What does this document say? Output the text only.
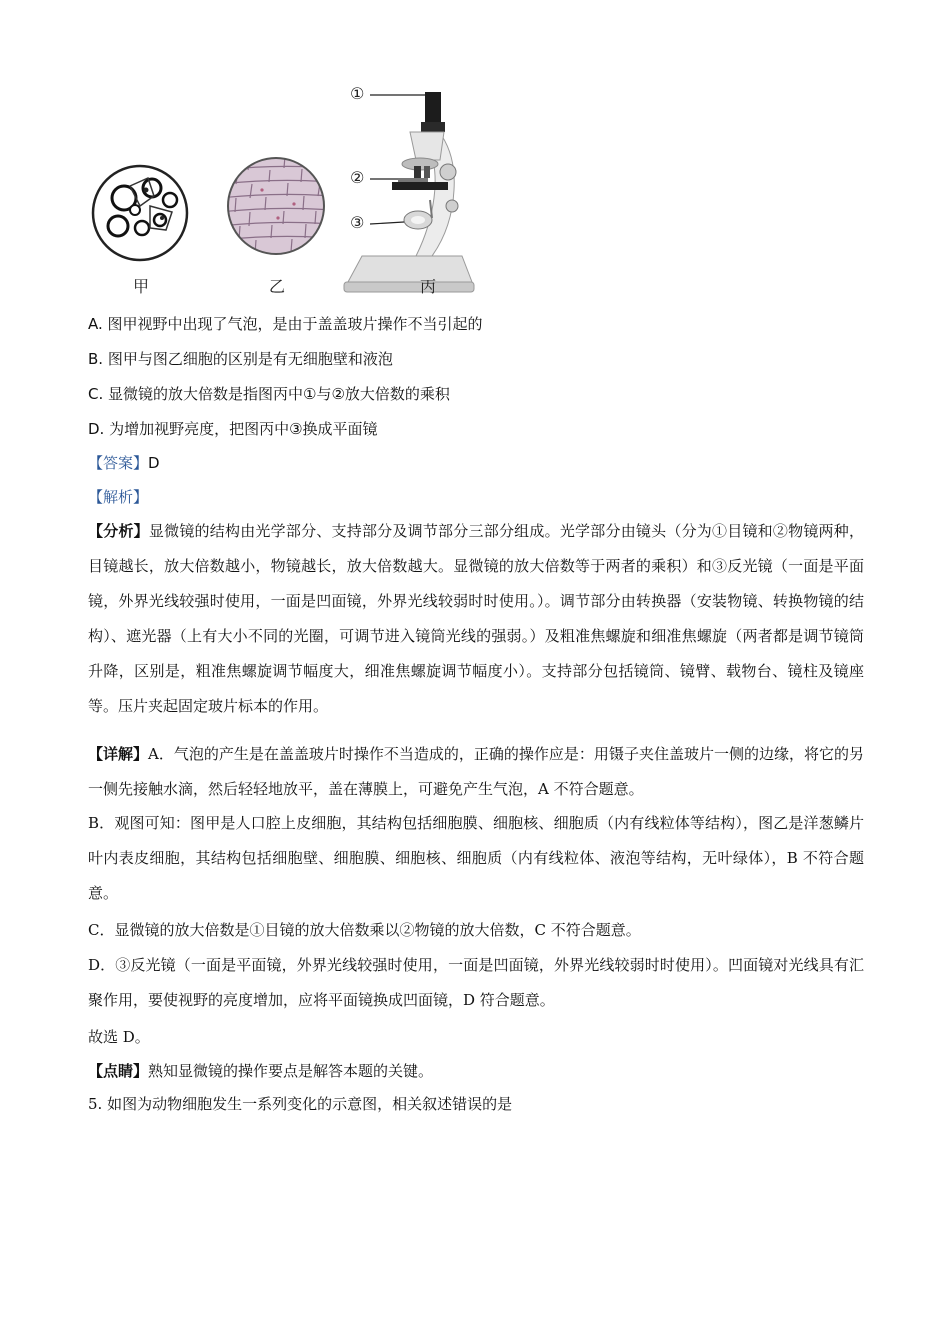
①
②
③
甲	乙	丙
A. 图甲视野中出现了气泡，是由于盖盖玻片操作不当引起的
B. 图甲与图乙细胞的区别是有无细胞壁和液泡
C. 显微镜的放大倍数是指图丙中①与②放大倍数的乘积
D. 为增加视野亮度，把图丙中③换成平面镜
【答案】D
【解析】
【分析】显微镜的结构由光学部分、支持部分及调节部分三部分组成。光学部分由镜头（分为①目镜和②物镜两种，目镜越长，放大倍数越小，物镜越长，放大倍数越大。显微镜的放大倍数等于两者的乘积）和③反光镜（一面是平面镜，外界光线较强时使用，一面是凹面镜，外界光线较弱时时使用。）。调节部分由转换器（安装物镜、转换物镜的结构）、遮光器（上有大小不同的光圈，可调节进入镜筒光线的强弱。）及粗准焦螺旋和细准焦螺旋（两者都是调节镜筒升降，区别是，粗准焦螺旋调节幅度大，细准焦螺旋调节幅度小）。支持部分包括镜筒、镜臂、载物台、镜柱及镜座等。压片夹起固定玻片标本的作用。
【详解】A．气泡的产生是在盖盖玻片时操作不当造成的，正确的操作应是：用镊子夹住盖玻片一侧的边缘，将它的另一侧先接触水滴，然后轻轻地放平，盖在薄膜上，可避免产生气泡，A 不符合题意。
B．观图可知：图甲是人口腔上皮细胞，其结构包括细胞膜、细胞核、细胞质（内有线粒体等结构），图乙是洋葱鳞片叶内表皮细胞，其结构包括细胞壁、细胞膜、细胞核、细胞质（内有线粒体、液泡等结构，无叶绿体），B 不符合题意。
C．显微镜的放大倍数是①目镜的放大倍数乘以②物镜的放大倍数，C 不符合题意。
D．③反光镜（一面是平面镜，外界光线较强时使用，一面是凹面镜，外界光线较弱时时使用）。凹面镜对光线具有汇聚作用，要使视野的亮度增加，应将平面镜换成凹面镜，D 符合题意。
故选 D。
【点睛】熟知显微镜的操作要点是解答本题的关键。
5. 如图为动物细胞发生一系列变化的示意图，相关叙述错误的是
